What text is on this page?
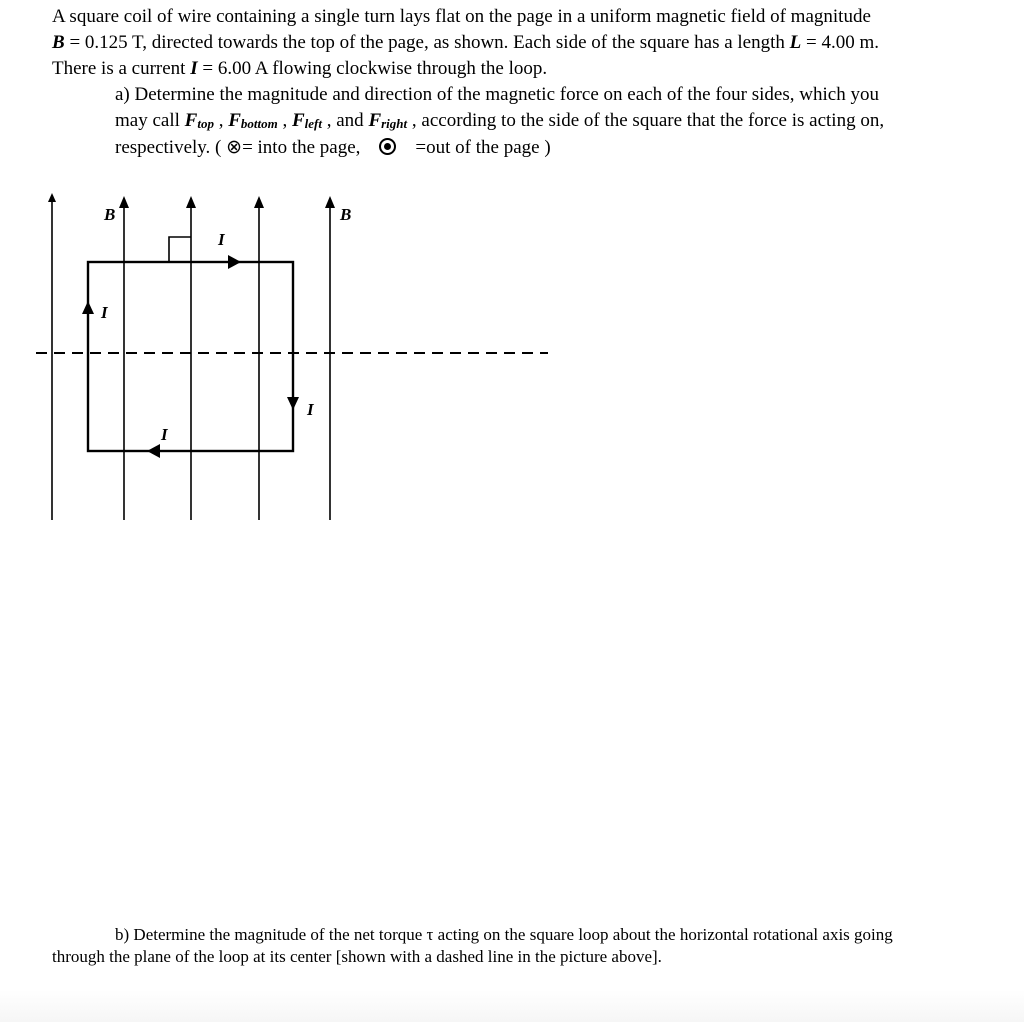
A square coil of wire containing a single turn lays flat on the page in a uniform magnetic field of magnitude
B = 0.125 T, directed towards the top of the page, as shown. Each side of the square has a length L = 4.00 m.
There is a current I = 6.00 A flowing clockwise through the loop.
a) Determine the magnitude and direction of the magnetic force on each of the four sides, which you
may call Ftop , Fbottom , Fleft , and Fright , according to the side of the square that the force is acting on,
respectively. ( ⊗= into the page,	=out of the page )
B	B
I
I
I
I
b) Determine the magnitude of the net torque τ acting on the square loop about the horizontal rotational axis going
through the plane of the loop at its center [shown with a dashed line in the picture above].
